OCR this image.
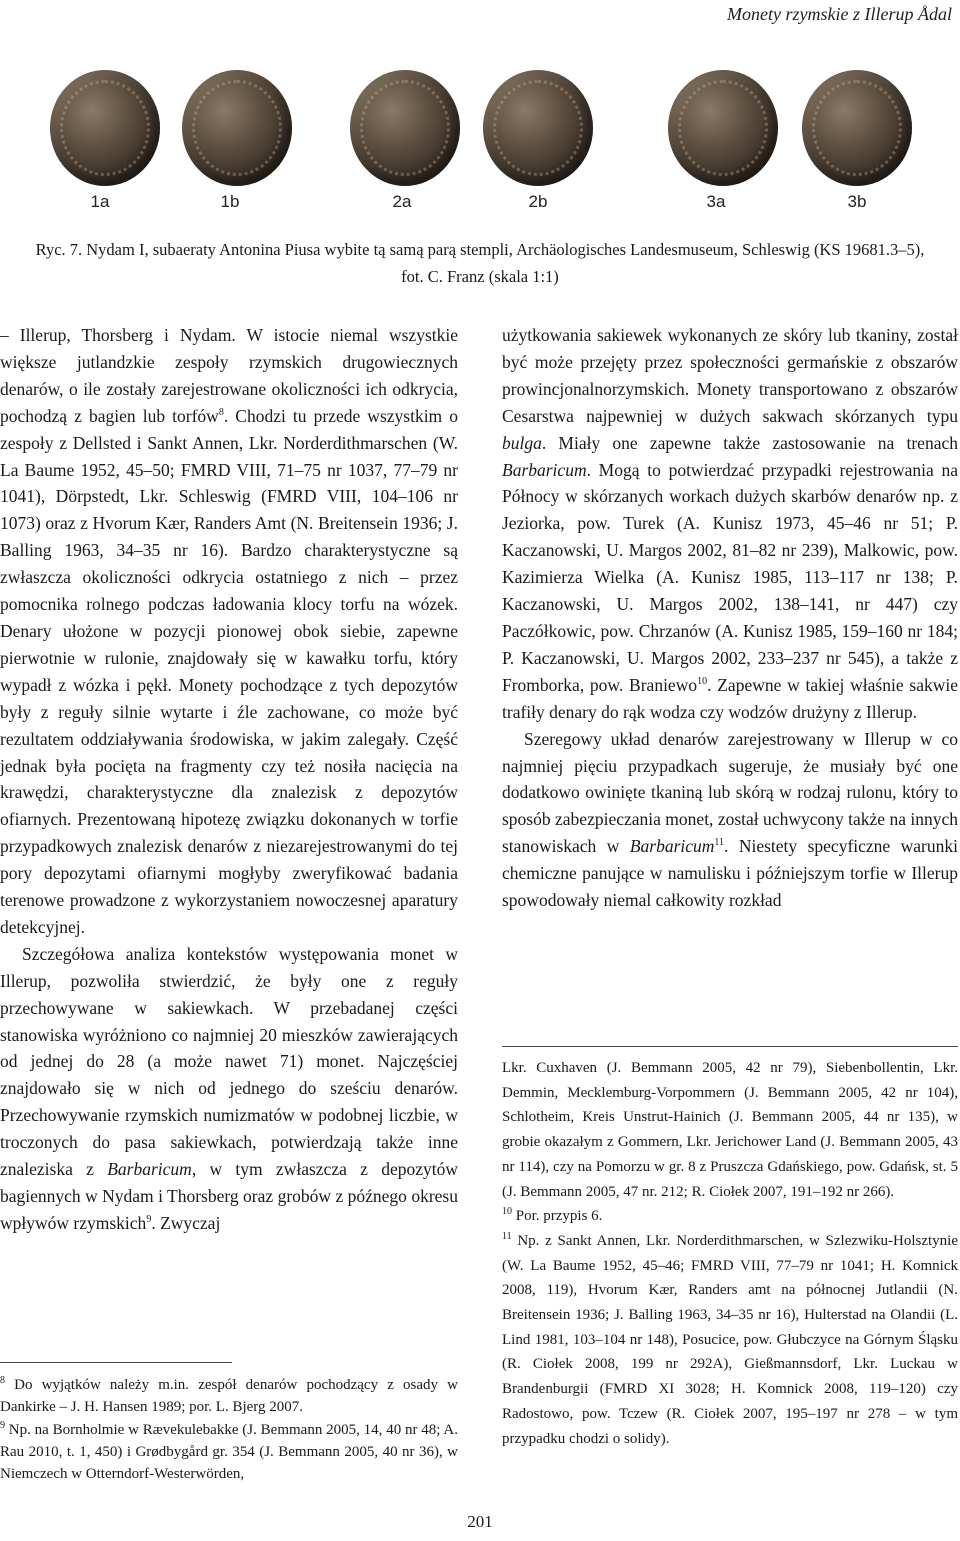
Monety rzymskie z Illerup Ådal
1a	1b	2a	2b	3a	3b
Ryc. 7. Nydam I, subaeraty Antonina Piusa wybite tą samą parą stempli, Archäologisches Landesmuseum, Schleswig (KS 19681.3–5),
fot. C. Franz (skala 1:1)

– Illerup, Thorsberg i Nydam. W istocie niemal wszystkie większe jutlandzkie zespoły rzymskich drugowiecznych denarów, o ile zostały zarejestrowane okoliczności ich odkrycia, pochodzą z bagien lub torfów$^8$. Chodzi tu przede wszystkim o zespoły z Dellsted i Sankt Annen, Lkr. Norderdithmarschen (W. La Baume 1952, 45–50; FMRD VIII, 71–75 nr 1037, 77–79 nr 1041), Dörpstedt, Lkr. Schleswig (FMRD VIII, 104–106 nr 1073) oraz z Hvorum Kær, Randers Amt (N. Breitensein 1936; J. Balling 1963, 34–35 nr 16). Bardzo charakterystyczne są zwłaszcza okoliczności odkrycia ostatniego z nich – przez pomocnika rolnego podczas ładowania klocy torfu na wózek. Denary ułożone w pozycji pionowej obok siebie, zapewne pierwotnie w rulonie, znajdowały się w kawałku torfu, który wypadł z wózka i pękł. Monety pochodzące z tych depozytów były z reguły silnie wytarte i źle zachowane, co może być rezultatem oddziaływania środowiska, w jakim zalegały. Część jednak była pocięta na fragmenty czy też nosiła nacięcia na krawędzi, charakterystyczne dla znalezisk z depozytów ofiarnych. Prezentowaną hipotezę związku dokonanych w torfie przypadkowych znalezisk denarów z niezarejestrowanymi do tej pory depozytami ofiarnymi mogłyby zweryfikować badania terenowe prowadzone z wykorzystaniem nowoczesnej aparatury detekcyjnej.

Szczegółowa analiza kontekstów występowania monet w Illerup, pozwoliła stwierdzić, że były one z reguły przechowywane w sakiewkach. W przebadanej części stanowiska wyróżniono co najmniej 20 mieszków zawierających od jednej do 28 (a może nawet 71) monet. Najczęściej znajdowało się w nich od jednego do sześciu denarów. Przechowywanie rzymskich numizmatów w podobnej liczbie, w troczonych do pasa sakiewkach, potwierdzają także inne znaleziska z Barbaricum, w tym zwłaszcza z depozytów bagiennych w Nydam i Thorsberg oraz grobów z późnego okresu wpływów rzymskich$^9$. Zwyczaj

użytkowania sakiewek wykonanych ze skóry lub tkaniny, został być może przejęty przez społeczności germańskie z obszarów prowincjonalnorzymskich. Monety transportowano z obszarów Cesarstwa najpewniej w dużych sakwach skórzanych typu bulga. Miały one zapewne także zastosowanie na trenach Barbaricum. Mogą to potwierdzać przypadki rejestrowania na Północy w skórzanych workach dużych skarbów denarów np. z Jeziorka, pow. Turek (A. Kunisz 1973, 45–46 nr 51; P. Kaczanowski, U. Margos 2002, 81–82 nr 239), Malkowic, pow. Kazimierza Wielka (A. Kunisz 1985, 113–117 nr 138; P. Kaczanowski, U. Margos 2002, 138–141, nr 447) czy Paczółkowic, pow. Chrzanów (A. Kunisz 1985, 159–160 nr 184; P. Kaczanowski, U. Margos 2002, 233–237 nr 545), a także z Fromborka, pow. Braniewo$^{10}$. Zapewne w takiej właśnie sakwie trafiły denary do rąk wodza czy wodzów drużyny z Illerup.

Szeregowy układ denarów zarejestrowany w Illerup w co najmniej pięciu przypadkach sugeruje, że musiały być one dodatkowo owinięte tkaniną lub skórą w rodzaj rulonu, który to sposób zabezpieczania monet, został uchwycony także na innych stanowiskach w Barbaricum$^{11}$. Niestety specyficzne warunki chemiczne panujące w namulisku i późniejszym torfie w Illerup spowodowały niemal całkowity rozkład

$^8$ Do wyjątków należy m.in. zespół denarów pochodzący z osady w Dankirke – J. H. Hansen 1989; por. L. Bjerg 2007.

$^9$ Np. na Bornholmie w Rævekulebakke (J. Bemmann 2005, 14, 40 nr 48; A. Rau 2010, t. 1, 450) i Grødbygård gr. 354 (J. Bemmann 2005, 40 nr 36), w Niemczech w Otterndorf-Westerwörden,

Lkr. Cuxhaven (J. Bemmann 2005, 42 nr 79), Siebenbollentin, Lkr. Demmin, Mecklemburg-Vorpommern (J. Bemmann 2005, 42 nr 104), Schlotheim, Kreis Unstrut-Hainich (J. Bemmann 2005, 44 nr 135), w grobie okazałym z Gommern, Lkr. Jerichower Land (J. Bemmann 2005, 43 nr 114), czy na Pomorzu w gr. 8 z Pruszcza Gdańskiego, pow. Gdańsk, st. 5 (J. Bemmann 2005, 47 nr. 212; R. Ciołek 2007, 191–192 nr 266).

$^{10}$ Por. przypis 6.

$^{11}$ Np. z Sankt Annen, Lkr. Norderdithmarschen, w Szlezwiku-Holsztynie (W. La Baume 1952, 45–46; FMRD VIII, 77–79 nr 1041; H. Komnick 2008, 119), Hvorum Kær, Randers amt na północnej Jutlandii (N. Breitensein 1936; J. Balling 1963, 34–35 nr 16), Hulterstad na Olandii (L. Lind 1981, 103–104 nr 148), Posucice, pow. Głubczyce na Górnym Śląsku (R. Ciołek 2008, 199 nr 292A), Gießmannsdorf, Lkr. Luckau w Brandenburgii (FMRD XI 3028; H. Komnick 2008, 119–120) czy Radostowo, pow. Tczew (R. Ciołek 2007, 195–197 nr 278 – w tym przypadku chodzi o solidy).

201
